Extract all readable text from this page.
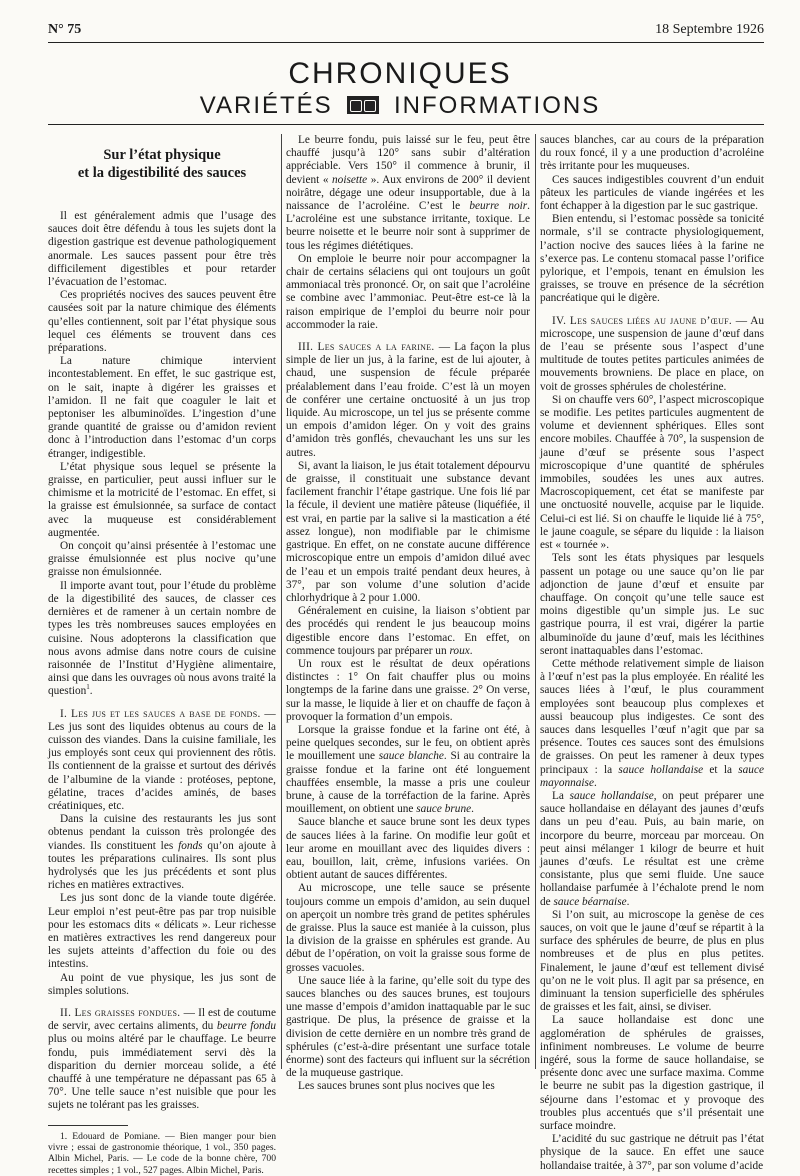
N° 75	18 Septembre 1926
CHRONIQUES
VARIÉTÉS	INFORMATIONS
Sur l’état physique
et la digestibilité des sauces

Il est généralement admis que l’usage des sauces doit être défendu à tous les sujets dont la digestion gastrique est devenue pathologiquement anormale. Les sauces passent pour être très difficilement digestibles et pour retarder l’évacuation de l’estomac.

Ces propriétés nocives des sauces peuvent être causées soit par la nature chimique des éléments qu’elles contiennent, soit par l’état physique sous lequel ces éléments se trouvent dans ces préparations.

La nature chimique intervient incontestablement. En effet, le suc gastrique est, on le sait, inapte à digérer les graisses et l’amidon. Il ne fait que coaguler le lait et peptoniser les albuminoïdes. L’ingestion d’une grande quantité de graisse ou d’amidon revient donc à l’introduction dans l’estomac d’un corps étranger, indigestible.

L’état physique sous lequel se présente la graisse, en particulier, peut aussi influer sur le chimisme et la motricité de l’estomac. En effet, si la graisse est émulsionnée, sa surface de contact avec la muqueuse est considérablement augmentée.

On conçoit qu’ainsi présentée à l’estomac une graisse émulsionnée est plus nocive qu’une graisse non émulsionnée.

Il importe avant tout, pour l’étude du problème de la digestibilité des sauces, de classer ces dernières et de ramener à un certain nombre de types les très nombreuses sauces employées en cuisine. Nous adopterons la classification que nous avons admise dans notre cours de cuisine raisonnée de l’Institut d’Hygiène alimentaire, ainsi que dans les ouvrages où nous avons traité la question$^1$.

I. Les jus et les sauces a base de fonds. — Les jus sont des liquides obtenus au cours de la cuisson des viandes. Dans la cuisine familiale, les jus employés sont ceux qui proviennent des rôtis. Ils contiennent de la graisse et surtout des dérivés de l’albumine de la viande : protéoses, peptone, gélatine, traces d’acides aminés, de bases créatiniques, etc.

Dans la cuisine des restaurants les jus sont obtenus pendant la cuisson très prolongée des viandes. Ils constituent les fonds qu’on ajoute à toutes les préparations culinaires. Ils sont plus hydrolysés que les jus précédents et sont plus riches en matières extractives.

Les jus sont donc de la viande toute digérée. Leur emploi n’est peut-être pas par trop nuisible pour les estomacs dits « délicats ». Leur richesse en matières extractives les rend dangereux pour les sujets atteints d’affection du foie ou des intestins.

Au point de vue physique, les jus sont de simples solutions.

II. Les graisses fondues. — Il est de coutume de servir, avec certains aliments, du beurre fondu plus ou moins altéré par le chauffage. Le beurre fondu, puis immédiatement servi dès la disparition du dernier morceau solide, a été chauffé à une température ne dépassant pas 65 à 70°. Une telle sauce n’est nuisible que pour les sujets ne tolérant pas les graisses.

1. Edouard de Pomiane. — Bien manger pour bien vivre ; essai de gastronomie théorique, 1 vol., 350 pages. Albin Michel, Paris. — Le code de la bonne chère, 700 recettes simples ; 1 vol., 527 pages. Albin Michel, Paris.

Le beurre fondu, puis laissé sur le feu, peut être chauffé jusqu’à 120° sans subir d’altération appréciable. Vers 150° il commence à brunir, il devient « noisette ». Aux environs de 200° il devient noirâtre, dégage une odeur insupportable, due à la naissance de l’acroléine. C’est le beurre noir. L’acroléine est une substance irritante, toxique. Le beurre noisette et le beurre noir sont à supprimer de tous les régimes diététiques.

On emploie le beurre noir pour accompagner la chair de certains sélaciens qui ont toujours un goût ammoniacal très prononcé. Or, on sait que l’acroléine se combine avec l’ammoniac. Peut-être est-ce là la raison empirique de l’emploi du beurre noir pour accommoder la raie.

III. Les sauces a la farine. — La façon la plus simple de lier un jus, à la farine, est de lui ajouter, à chaud, une suspension de fécule préparée préalablement dans l’eau froide. C’est là un moyen de conférer une certaine onctuosité à un jus trop liquide. Au microscope, un tel jus se présente comme un empois d’amidon léger. On y voit des grains d’amidon très gonflés, chevauchant les uns sur les autres.

Si, avant la liaison, le jus était totalement dépourvu de graisse, il constituait une substance devant facilement franchir l’étape gastrique. Une fois lié par la fécule, il devient une matière pâteuse (liquéfiée, il est vrai, en partie par la salive si la mastication a été assez longue), non modifiable par le chimisme gastrique. En effet, on ne constate aucune différence microscopique entre un empois d’amidon dilué avec de l’eau et un empois traité pendant deux heures, à 37°, par son volume d’une solution d’acide chlorhydrique à 2 pour 1.000.

Généralement en cuisine, la liaison s’obtient par des procédés qui rendent le jus beaucoup moins digestible encore dans l’estomac. En effet, on commence toujours par préparer un roux.

Un roux est le résultat de deux opérations distinctes : 1° On fait chauffer plus ou moins longtemps de la farine dans une graisse. 2° On verse, sur la masse, le liquide à lier et on chauffe de façon à provoquer la formation d’un empois.

Lorsque la graisse fondue et la farine ont été, à peine quelques secondes, sur le feu, on obtient après le mouillement une sauce blanche. Si au contraire la graisse fondue et la farine ont été longuement chauffées ensemble, la masse a pris une couleur brune, à cause de la torréfaction de la farine. Après mouillement, on obtient une sauce brune.

Sauce blanche et sauce brune sont les deux types de sauces liées à la farine. On modifie leur goût et leur arome en mouillant avec des liquides divers : eau, bouillon, lait, crème, infusions variées. On obtient autant de sauces différentes.

Au microscope, une telle sauce se présente toujours comme un empois d’amidon, au sein duquel on aperçoit un nombre très grand de petites sphérules de graisse. Plus la sauce est maniée à la cuisson, plus la division de la graisse en sphérules est grande. Au début de l’opération, on voit la graisse sous forme de grosses vacuoles.

Une sauce liée à la farine, qu’elle soit du type des sauces blanches ou des sauces brunes, est toujours une masse d’empois d’amidon inattaquable par le suc gastrique. De plus, la présence de graisse et la division de cette dernière en un nombre très grand de sphérules (c’est-à-dire présentant une surface totale énorme) sont des facteurs qui influent sur la sécrétion de la muqueuse gastrique.

Les sauces brunes sont plus nocives que les

sauces blanches, car au cours de la préparation du roux foncé, il y a une production d’acroléine très irritante pour les muqueuses.

Ces sauces indigestibles couvrent d’un enduit pâteux les particules de viande ingérées et les font échapper à la digestion par le suc gastrique.

Bien entendu, si l’estomac possède sa tonicité normale, s’il se contracte physiologiquement, l’action nocive des sauces liées à la farine ne s’exerce pas. Le contenu stomacal passe l’orifice pylorique, et l’empois, tenant en émulsion les graisses, se trouve en présence de la sécrétion pancréatique qui le digère.

IV. Les sauces liées au jaune d’œuf. — Au microscope, une suspension de jaune d’œuf dans de l’eau se présente sous l’aspect d’une multitude de toutes petites particules animées de mouvements browniens. De place en place, on voit de grosses sphérules de cholestérine.

Si on chauffe vers 60°, l’aspect microscopique se modifie. Les petites particules augmentent de volume et deviennent sphériques. Elles sont encore mobiles. Chauffée à 70°, la suspension de jaune d’œuf se présente sous l’aspect microscopique d’une quantité de sphérules immobiles, soudées les unes aux autres. Macroscopiquement, cet état se manifeste par une onctuosité nouvelle, acquise par le liquide. Celui-ci est lié. Si on chauffe le liquide lié à 75°, le jaune coagule, se sépare du liquide : la liaison est « tournée ».

Tels sont les états physiques par lesquels passent un potage ou une sauce qu’on lie par adjonction de jaune d’œuf et ensuite par chauffage. On conçoit qu’une telle sauce est moins digestible qu’un simple jus. Le suc gastrique pourra, il est vrai, digérer la partie albuminoïde du jaune d’œuf, mais les lécithines seront inattaquables dans l’estomac.

Cette méthode relativement simple de liaison à l’œuf n’est pas la plus employée. En réalité les sauces liées à l’œuf, le plus couramment employées sont beaucoup plus complexes et aussi beaucoup plus indigestes. Ce sont des sauces dans lesquelles l’œuf n’agit que par sa présence. Toutes ces sauces sont des émulsions de graisses. On peut les ramener à deux types principaux : la sauce hollandaise et la sauce mayonnaise.

La sauce hollandaise, on peut préparer une sauce hollandaise en délayant des jaunes d’œufs dans un peu d’eau. Puis, au bain marie, on incorpore du beurre, morceau par morceau. On peut ainsi mélanger 1 kilogr de beurre et huit jaunes d’œufs. Le résultat est une crème consistante, plus que semi fluide. Une sauce hollandaise parfumée à l’échalote prend le nom de sauce béarnaise.

Si l’on suit, au microscope la genèse de ces sauces, on voit que le jaune d’œuf se répartit à la surface des sphérules de beurre, de plus en plus nombreuses et de plus en plus petites. Finalement, le jaune d’œuf est tellement divisé qu’on ne le voit plus. Il agit par sa présence, en diminuant la tension superficielle des sphérules de graisses et les fait, ainsi, se diviser.

La sauce hollandaise est donc une agglomération de sphérules de graisses, infiniment nombreuses. Le volume de beurre ingéré, sous la forme de sauce hollandaise, se présente donc avec une surface maxima. Comme le beurre ne subit pas la digestion gastrique, il séjourne dans l’estomac et y provoque des troubles plus accentués que s’il présentait une surface moindre.

L’acidité du suc gastrique ne détruit pas l’état physique de la sauce. En effet une sauce hollandaise traitée, à 37°, par son volume d’acide
